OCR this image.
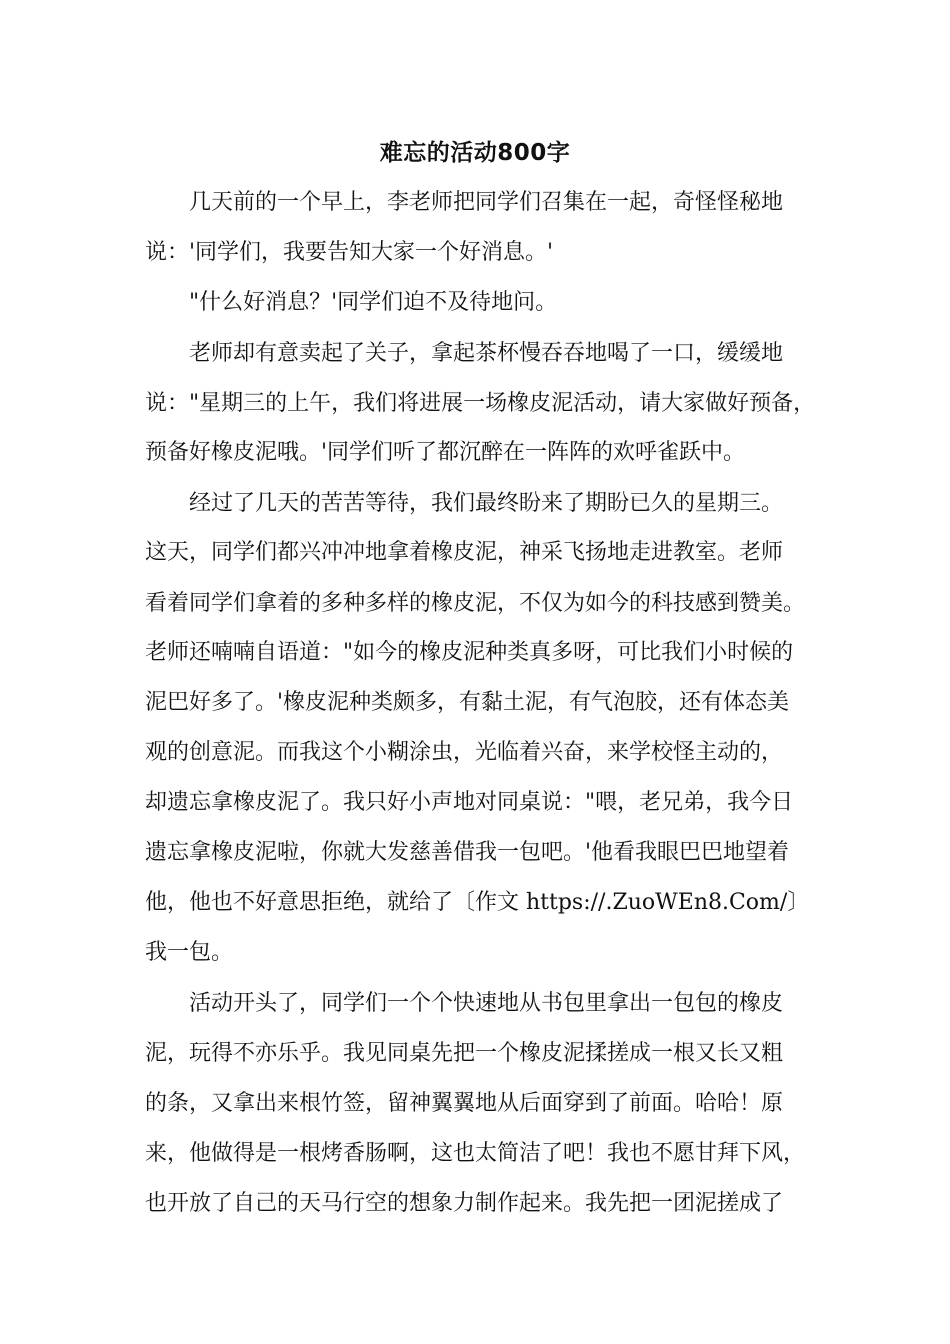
难忘的活动800字
　　几天前的一个早上，李老师把同学们召集在一起，奇怪怪秘地
说：'同学们，我要告知大家一个好消息。'
　　"什么好消息？'同学们迫不及待地问。
　　老师却有意卖起了关子，拿起茶杯慢吞吞地喝了一口，缓缓地
说："星期三的上午，我们将进展一场橡皮泥活动，请大家做好预备，
预备好橡皮泥哦。'同学们听了都沉醉在一阵阵的欢呼雀跃中。
　　经过了几天的苦苦等待，我们最终盼来了期盼已久的星期三。
这天，同学们都兴冲冲地拿着橡皮泥，神采飞扬地走进教室。老师
看着同学们拿着的多种多样的橡皮泥，不仅为如今的科技感到赞美。
老师还喃喃自语道："如今的橡皮泥种类真多呀，可比我们小时候的
泥巴好多了。'橡皮泥种类颇多，有黏土泥，有气泡胶，还有体态美
观的创意泥。而我这个小糊涂虫，光临着兴奋，来学校怪主动的，
却遗忘拿橡皮泥了。我只好小声地对同桌说："喂，老兄弟，我今日
遗忘拿橡皮泥啦，你就大发慈善借我一包吧。'他看我眼巴巴地望着
他，他也不好意思拒绝，就给了〔作文 https://.ZuoWEn8.Com/〕
我一包。
　　活动开头了，同学们一个个快速地从书包里拿出一包包的橡皮
泥，玩得不亦乐乎。我见同桌先把一个橡皮泥揉搓成一根又长又粗
的条，又拿出来根竹签，留神翼翼地从后面穿到了前面。哈哈！原
来，他做得是一根烤香肠啊，这也太简洁了吧！我也不愿甘拜下风，
也开放了自己的天马行空的想象力制作起来。我先把一团泥搓成了
